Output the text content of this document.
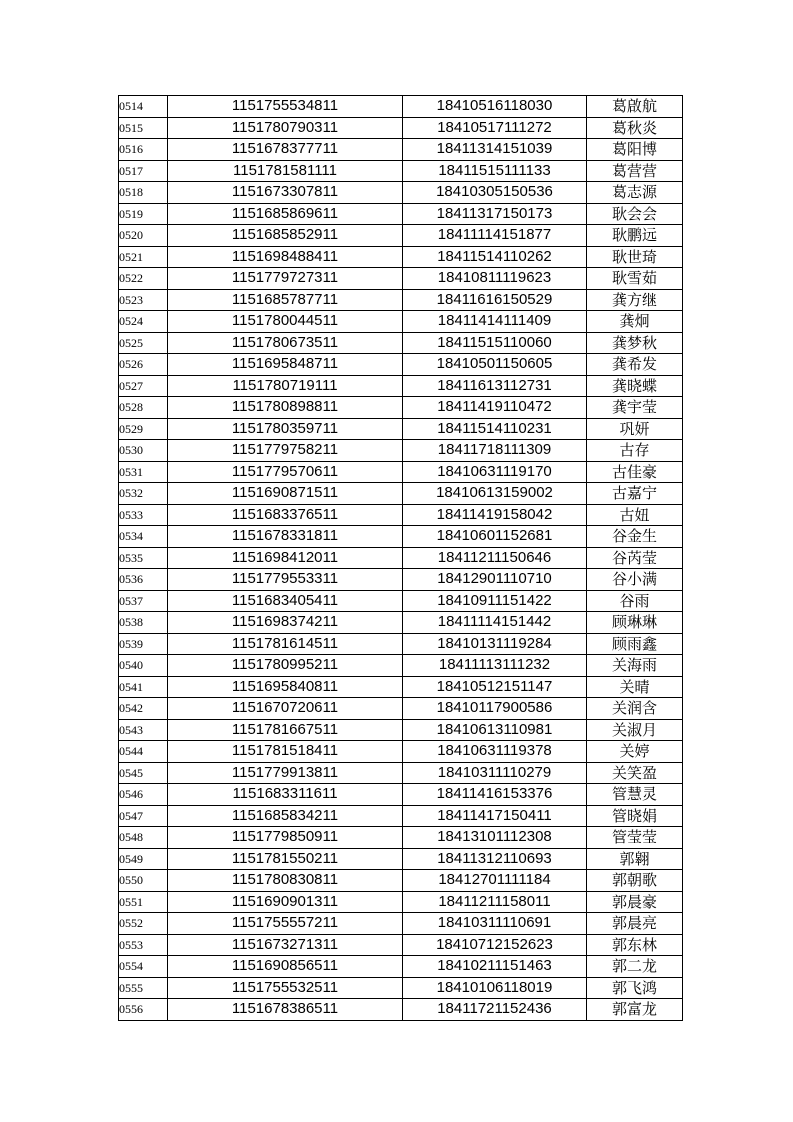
0514	1151755534811	18410516118030	葛啟航
0515	1151780790311	18410517111272	葛秋炎
0516	1151678377711	18411314151039	葛阳博
0517	1151781581111	18411515111133	葛营营
0518	1151673307811	18410305150536	葛志源
0519	1151685869611	18411317150173	耿会会
0520	1151685852911	18411114151877	耿鹏远
0521	1151698488411	18411514110262	耿世琦
0522	1151779727311	18410811119623	耿雪茹
0523	1151685787711	18411616150529	龚方继
0524	1151780044511	18411414111409	龚炯
0525	1151780673511	18411515110060	龚梦秋
0526	1151695848711	18410501150605	龚希发
0527	1151780719111	18411613112731	龚晓蝶
0528	1151780898811	18411419110472	龚宇莹
0529	1151780359711	18411514110231	巩妍
0530	1151779758211	18411718111309	古存
0531	1151779570611	18410631119170	古佳豪
0532	1151690871511	18410613159002	古嘉宁
0533	1151683376511	18411419158042	古妞
0534	1151678331811	18410601152681	谷金生
0535	1151698412011	18411211150646	谷芮莹
0536	1151779553311	18412901110710	谷小满
0537	1151683405411	18410911151422	谷雨
0538	1151698374211	18411114151442	顾琳琳
0539	1151781614511	18410131119284	顾雨鑫
0540	1151780995211	18411113111232	关海雨
0541	1151695840811	18410512151147	关晴
0542	1151670720611	18410117900586	关润含
0543	1151781667511	18410613110981	关淑月
0544	1151781518411	18410631119378	关婷
0545	1151779913811	18410311110279	关笑盈
0546	1151683311611	18411416153376	管慧灵
0547	1151685834211	18411417150411	管晓娟
0548	1151779850911	18413101112308	管莹莹
0549	1151781550211	18411312110693	郭翱
0550	1151780830811	18412701111184	郭朝歌
0551	1151690901311	18411211158011	郭晨豪
0552	1151755557211	18410311110691	郭晨亮
0553	1151673271311	18410712152623	郭东林
0554	1151690856511	18410211151463	郭二龙
0555	1151755532511	18410106118019	郭飞鸿
0556	1151678386511	18411721152436	郭富龙
